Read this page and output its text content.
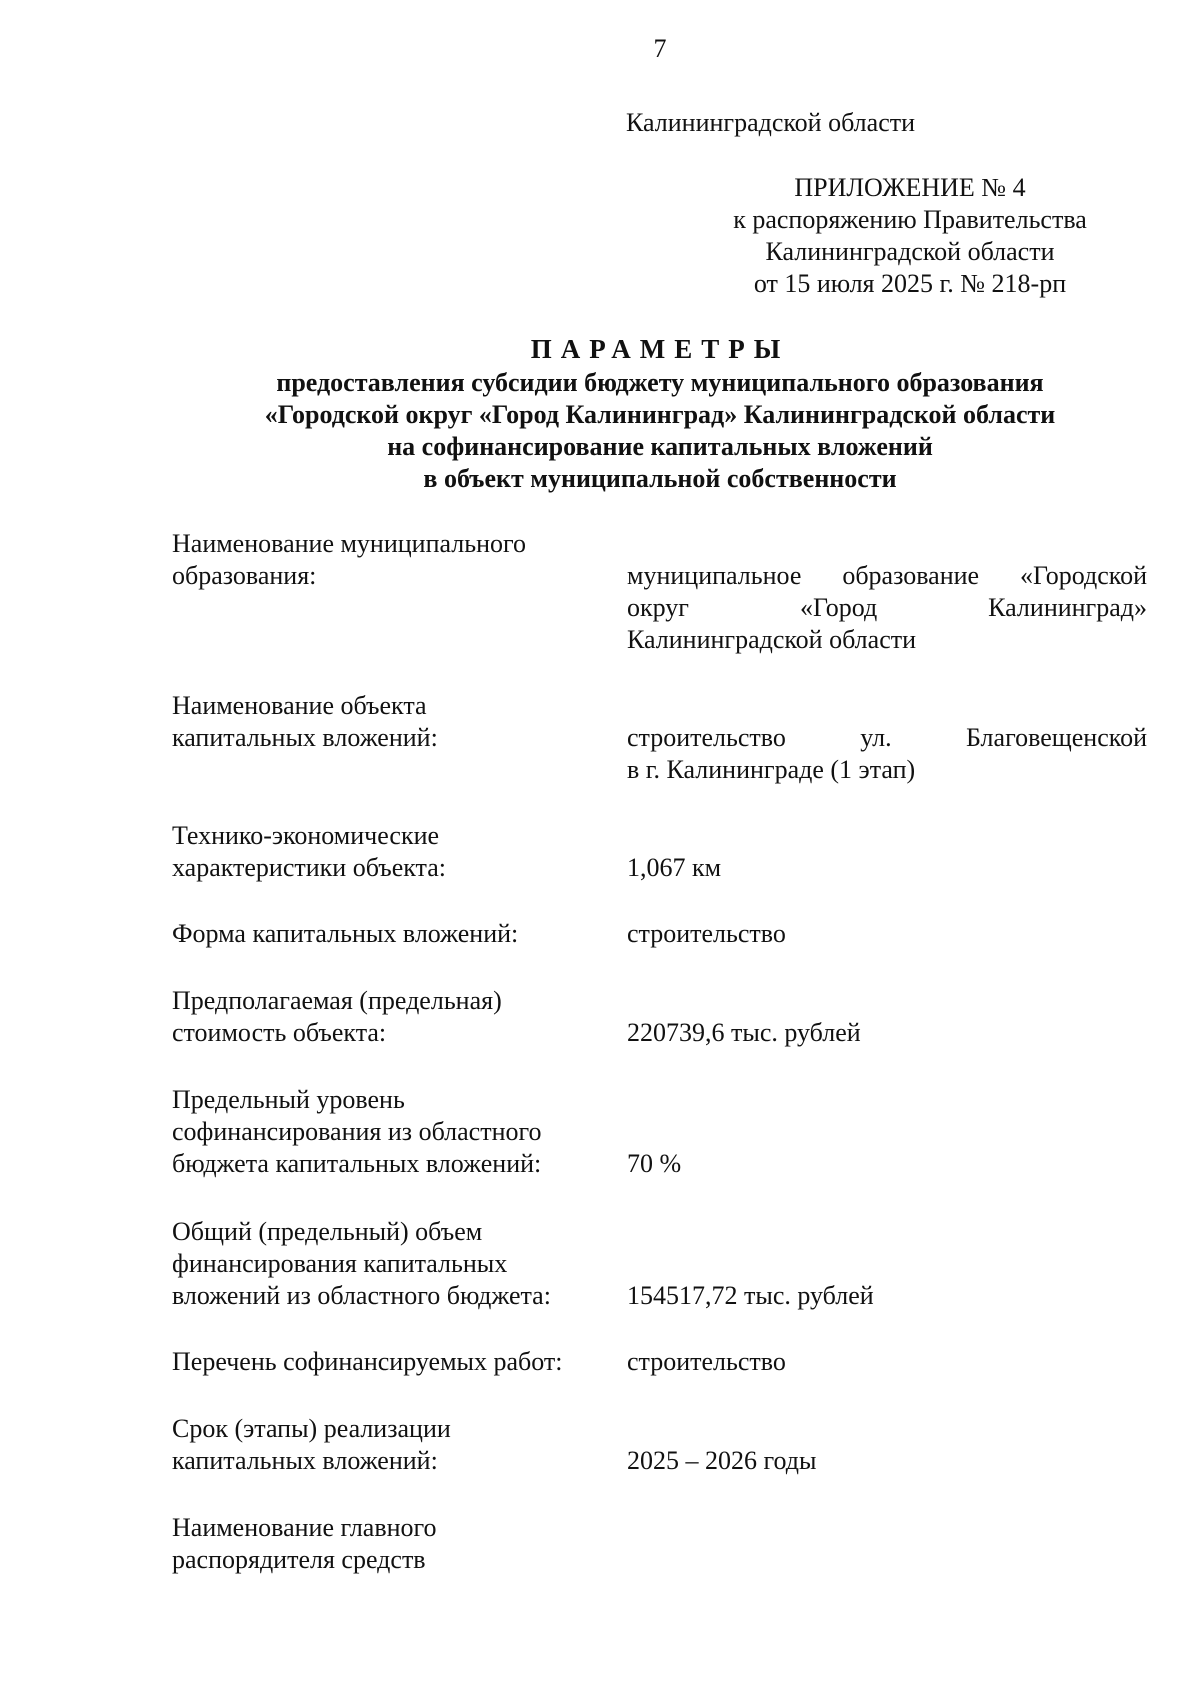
7
Калининградской области
ПРИЛОЖЕНИЕ № 4
к распоряжению Правительства
Калининградской области
от 15 июля 2025 г. № 218-рп
ПАРАМЕТРЫ
предоставления субсидии бюджету муниципального образования
«Городской округ «Город Калининград» Калининградской области
на софинансирование капитальных вложений
в объект муниципальной собственности
Наименование муниципального
образования:	муниципальное образование «Городской
округ «Город Калининград»
Калининградской области
Наименование объекта
капитальных вложений:	строительство ул. Благовещенской
в г. Калининграде (1 этап)
Технико-экономические
характеристики объекта:	1,067 км
Форма капитальных вложений:	строительство
Предполагаемая (предельная)
стоимость объекта:	220739,6 тыс. рублей
Предельный уровень
софинансирования из областного
бюджета капитальных вложений:	70 %
Общий (предельный) объем
финансирования капитальных
вложений из областного бюджета:	154517,72 тыс. рублей
Перечень софинансируемых работ:	строительство
Срок (этапы) реализации
капитальных вложений:	2025 – 2026 годы
Наименование главного
распорядителя средств
